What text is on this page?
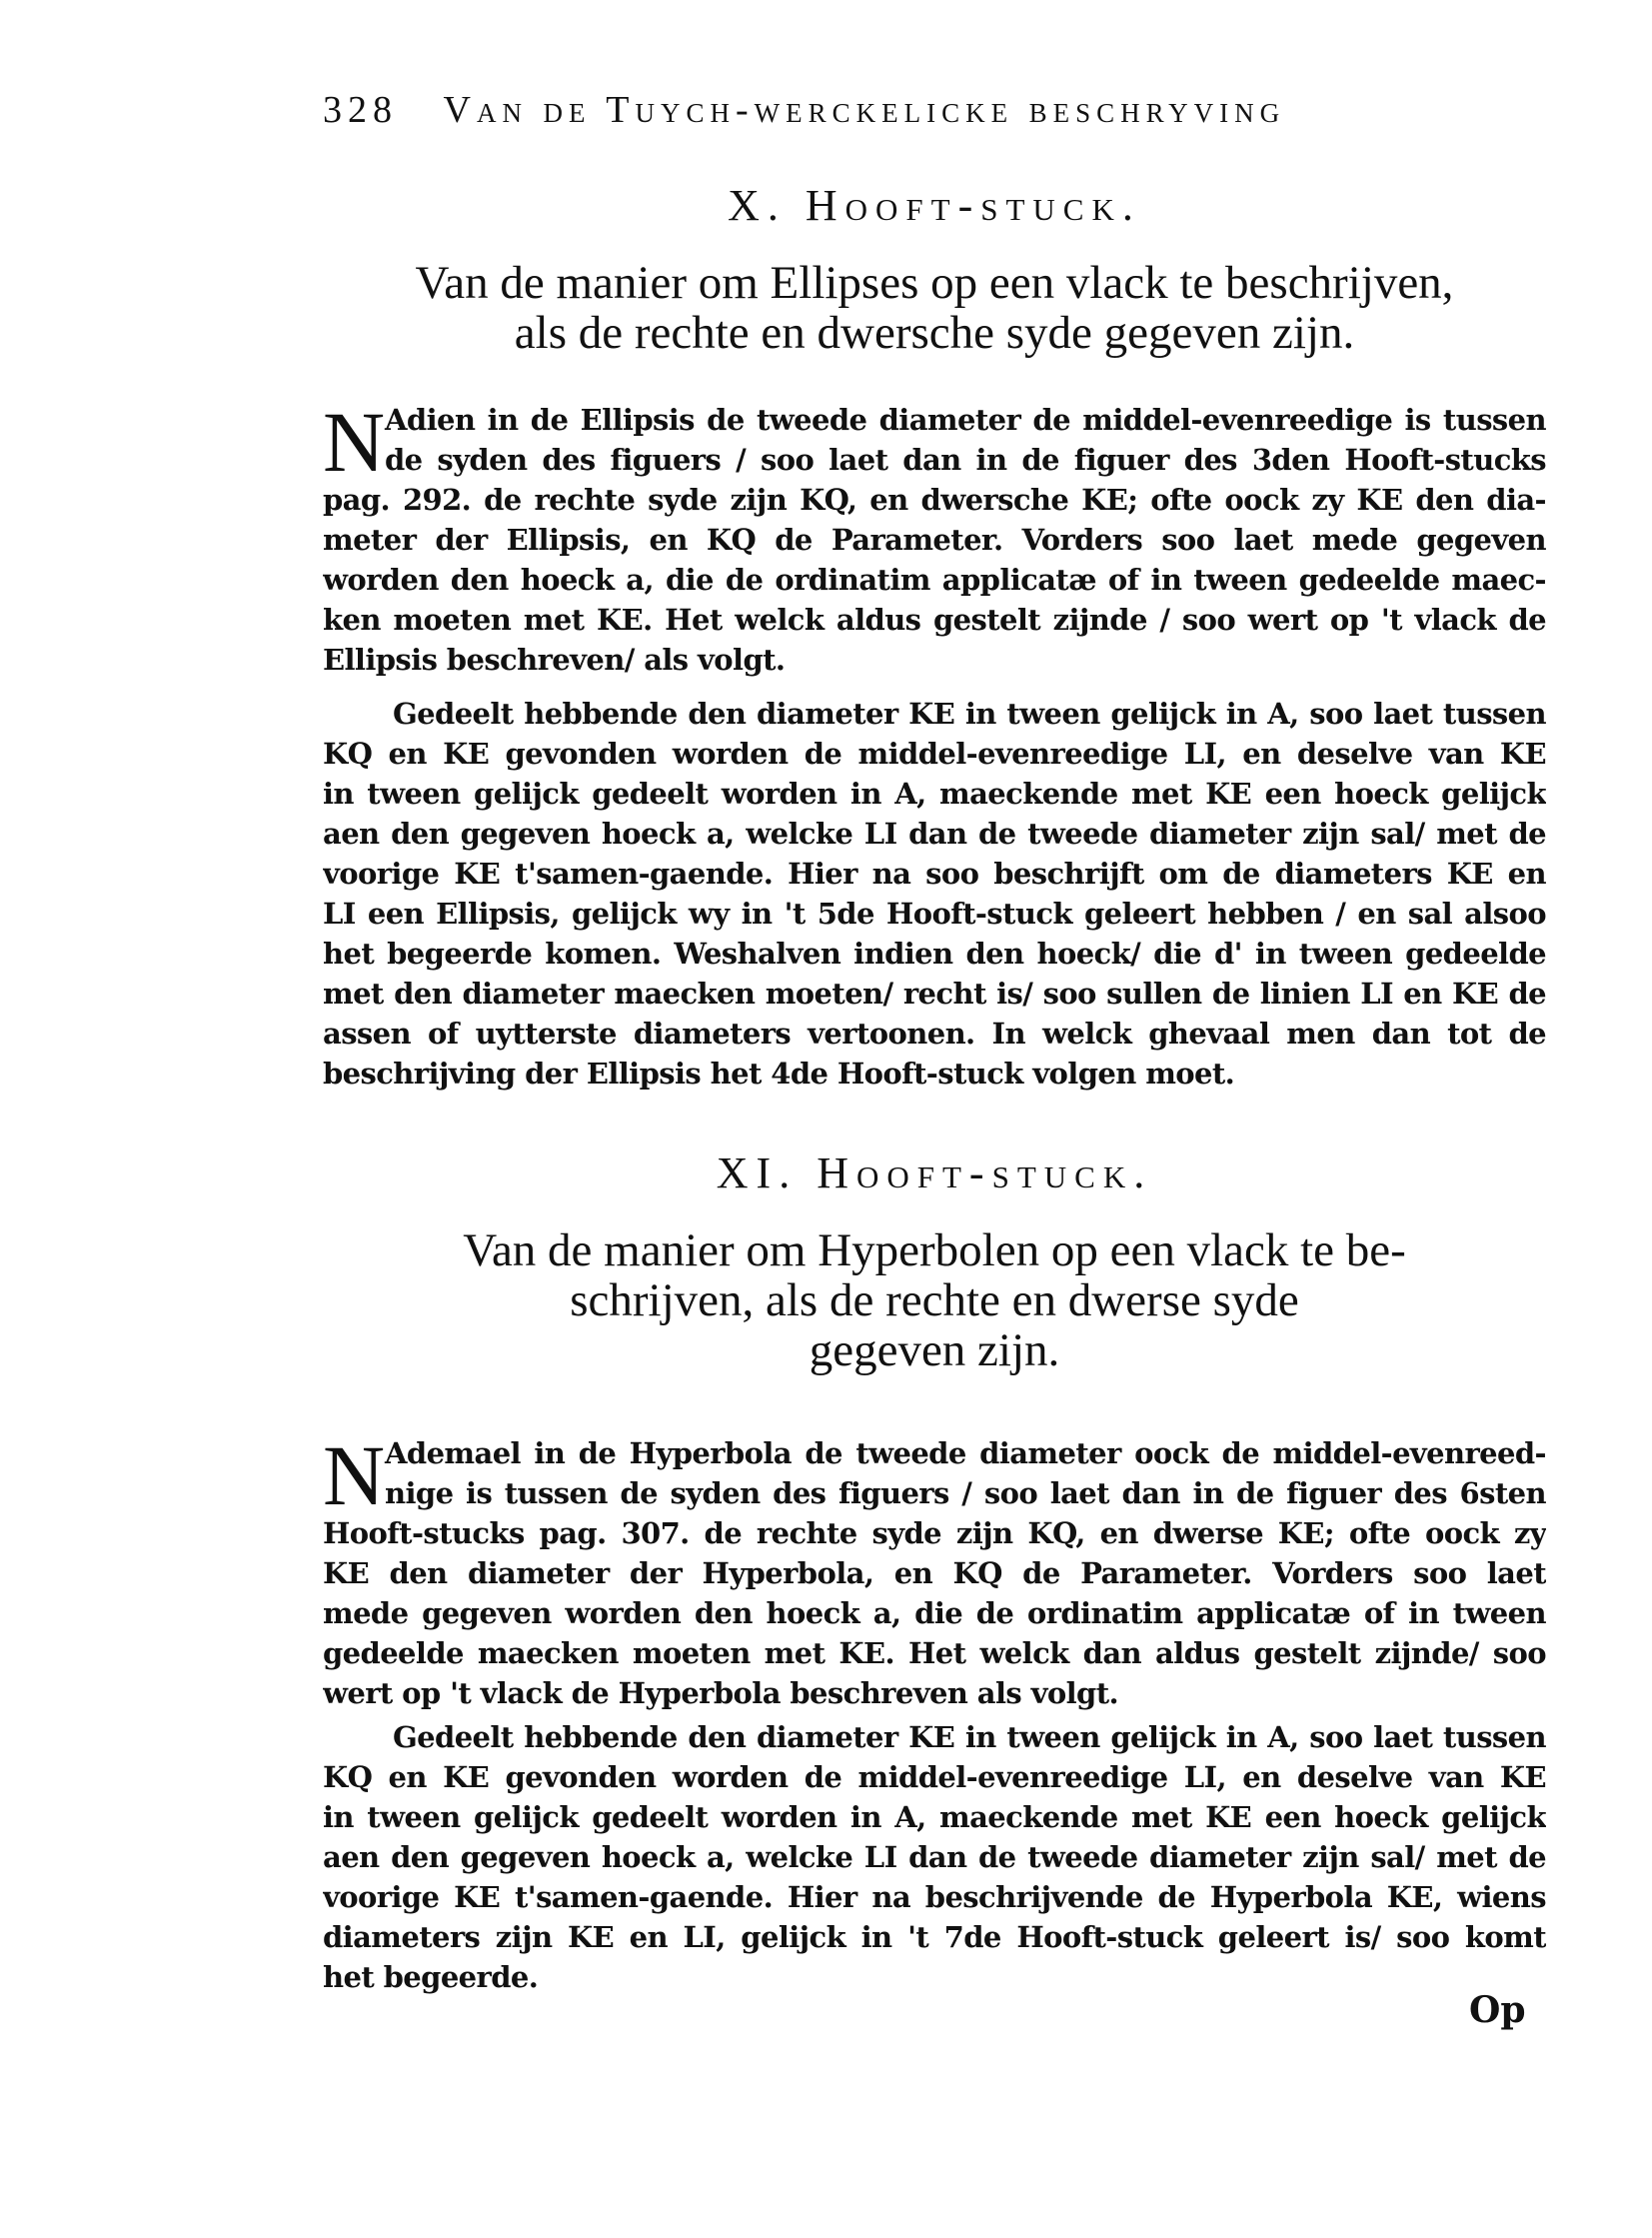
328 Van de Tuych-werckelicke beschryving
X. Hooft-stuck.
Van de manier om Ellipses op een vlack te beschrijven,
als de rechte en dwersche syde gegeven zijn.
N Adien in de Ellipsis de tweede diameter de middel-evenreedige is tussen
de syden des figuers / soo laet dan in de figuer des 3den Hooft-stucks
pag. 292. de rechte syde zijn KQ, en dwersche KE; ofte oock zy KE den dia-
meter der Ellipsis, en KQ de Parameter. Vorders soo laet mede gegeven
worden den hoeck a, die de ordinatim applicatæ of in tween gedeelde maec-
ken moeten met KE. Het welck aldus gestelt zijnde / soo wert op 't vlack de
Ellipsis beschreven/ als volgt.
Gedeelt hebbende den diameter KE in tween gelijck in A, soo laet tussen
KQ en KE gevonden worden de middel-evenreedige LI, en deselve van KE
in tween gelijck gedeelt worden in A, maeckende met KE een hoeck gelijck
aen den gegeven hoeck a, welcke LI dan de tweede diameter zijn sal/ met de
voorige KE t'samen-gaende. Hier na soo beschrijft om de diameters KE en
LI een Ellipsis, gelijck wy in 't 5de Hooft-stuck geleert hebben / en sal alsoo
het begeerde komen. Weshalven indien den hoeck/ die d' in tween gedeelde
met den diameter maecken moeten/ recht is/ soo sullen de linien LI en KE de
assen of uytterste diameters vertoonen. In welck ghevaal men dan tot de
beschrijving der Ellipsis het 4de Hooft-stuck volgen moet.
XI. Hooft-stuck.
Van de manier om Hyperbolen op een vlack te be-
schrijven, als de rechte en dwerse syde
gegeven zijn.
N Ademael in de Hyperbola de tweede diameter oock de middel-evenreed-
nige is tussen de syden des figuers / soo laet dan in de figuer des 6sten
Hooft-stucks pag. 307. de rechte syde zijn KQ, en dwerse KE; ofte oock zy
KE den diameter der Hyperbola, en KQ de Parameter. Vorders soo laet
mede gegeven worden den hoeck a, die de ordinatim applicatæ of in tween
gedeelde maecken moeten met KE. Het welck dan aldus gestelt zijnde/ soo
wert op 't vlack de Hyperbola beschreven als volgt.
Gedeelt hebbende den diameter KE in tween gelijck in A, soo laet tussen
KQ en KE gevonden worden de middel-evenreedige LI, en deselve van KE
in tween gelijck gedeelt worden in A, maeckende met KE een hoeck gelijck
aen den gegeven hoeck a, welcke LI dan de tweede diameter zijn sal/ met de
voorige KE t'samen-gaende. Hier na beschrijvende de Hyperbola KE, wiens
diameters zijn KE en LI, gelijck in 't 7de Hooft-stuck geleert is/ soo komt
het begeerde.
Op
